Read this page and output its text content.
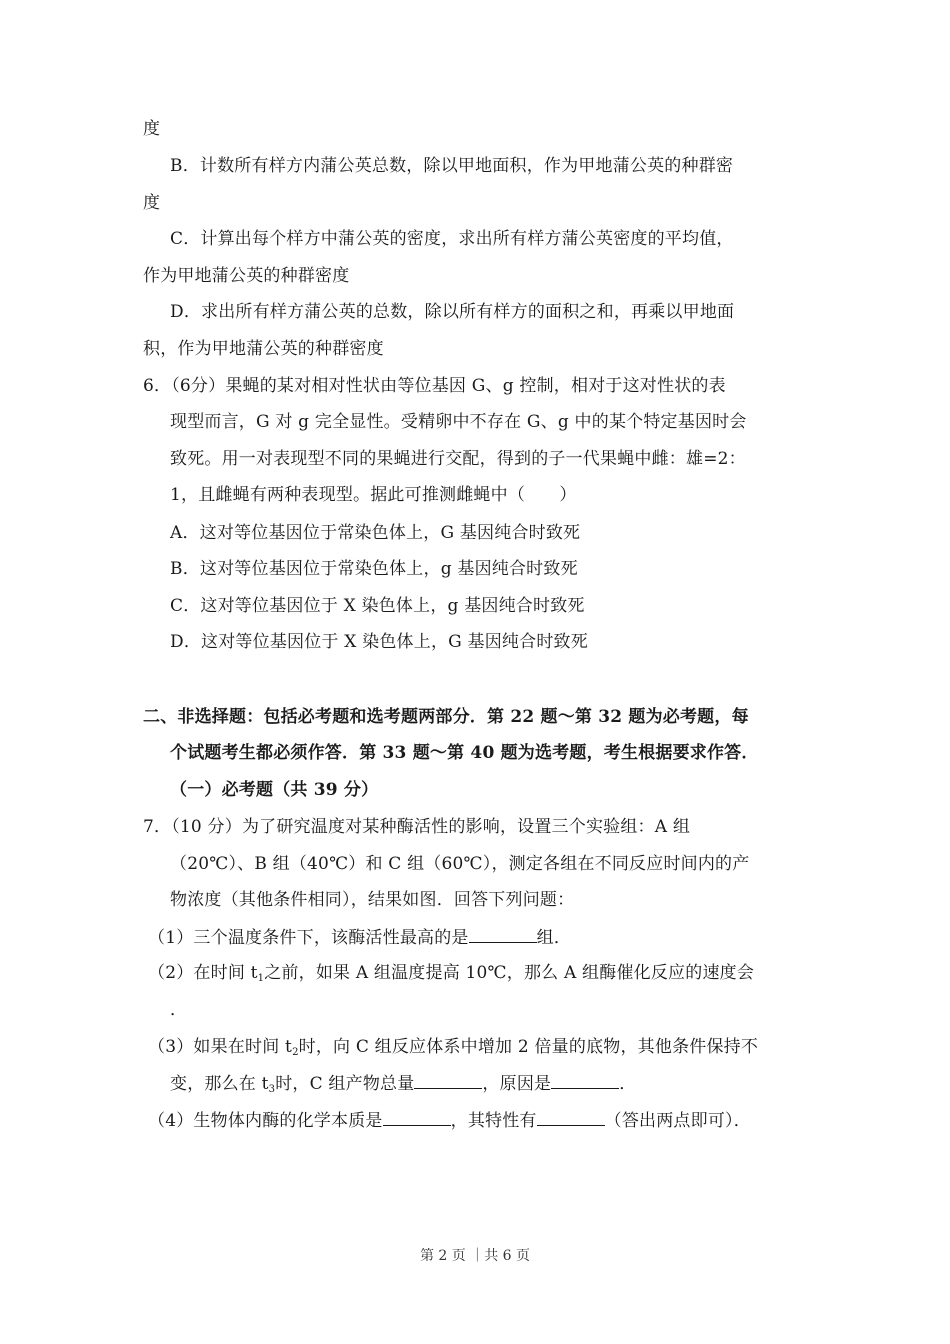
度
B．计数所有样方内蒲公英总数，除以甲地面积，作为甲地蒲公英的种群密
度
C．计算出每个样方中蒲公英的密度，求出所有样方蒲公英密度的平均值，
作为甲地蒲公英的种群密度
D．求出所有样方蒲公英的总数，除以所有样方的面积之和，再乘以甲地面
积，作为甲地蒲公英的种群密度
6．（6分）果蝇的某对相对性状由等位基因 G、g 控制，相对于这对性状的表
现型而言，G 对 g 完全显性。受精卵中不存在 G、g 中的某个特定基因时会
致死。用一对表现型不同的果蝇进行交配，得到的子一代果蝇中雌：雄=2：
1，且雌蝇有两种表现型。据此可推测雌蝇中（　　）
A．这对等位基因位于常染色体上，G 基因纯合时致死
B．这对等位基因位于常染色体上，g 基因纯合时致死
C．这对等位基因位于 X 染色体上，g 基因纯合时致死
D．这对等位基因位于 X 染色体上，G 基因纯合时致死
二、非选择题：包括必考题和选考题两部分．第 22 题～第 32 题为必考题，每
个试题考生都必须作答．第 33 题～第 40 题为选考题，考生根据要求作答．
（一）必考题（共 39 分）
7．（10 分）为了研究温度对某种酶活性的影响，设置三个实验组：A 组
（20℃）、B 组（40℃）和 C 组（60℃），测定各组在不同反应时间内的产
物浓度（其他条件相同），结果如图．回答下列问题：
（1）三个温度条件下，该酶活性最高的是	组．
（2）在时间 $t_1$之前，如果 A 组温度提高 10℃，那么 A 组酶催化反应的速度会
．
（3）如果在时间 $t_2$时，向 C 组反应体系中增加 2 倍量的底物，其他条件保持不
变，那么在 $t_3$时，C 组产物总量	，原因是	．
（4）生物体内酶的化学本质是	，其特性有	（答出两点即可）．
第 2 页 ｜共 6 页
